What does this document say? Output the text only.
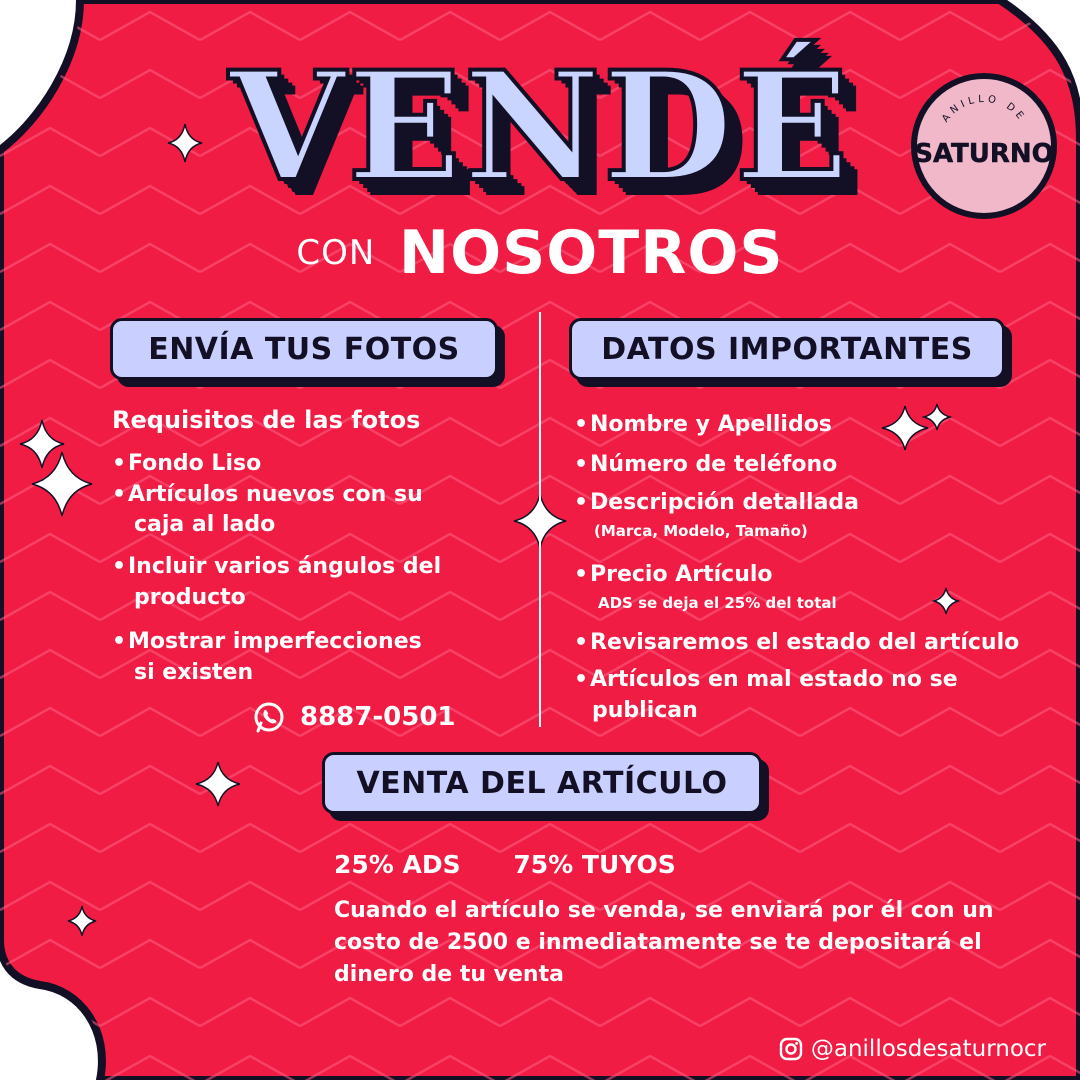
VENDÉ
CON NOSOTROS
ANILLO DE
SATURNO
ENVÍA TUS FOTOS	DATOS IMPORTANTES
Requisitos de las fotos
•Fondo Liso
•Artículos nuevos con su
caja al lado
•Incluir varios ángulos del
producto
•Mostrar imperfecciones
si existen
8887-0501
•Nombre y Apellidos
•Número de teléfono
•Descripción detallada
(Marca, Modelo, Tamaño)
•Precio Artículo
ADS se deja el 25% del total
•Revisaremos el estado del artículo
•Artículos en mal estado no se
publican
VENTA DEL ARTÍCULO
25% ADS 75% TUYOS
Cuando el artículo se venda, se enviará por él con un costo de 2500 e inmediatamente se te depositará el dinero de tu venta
@anillosdesaturnocr
